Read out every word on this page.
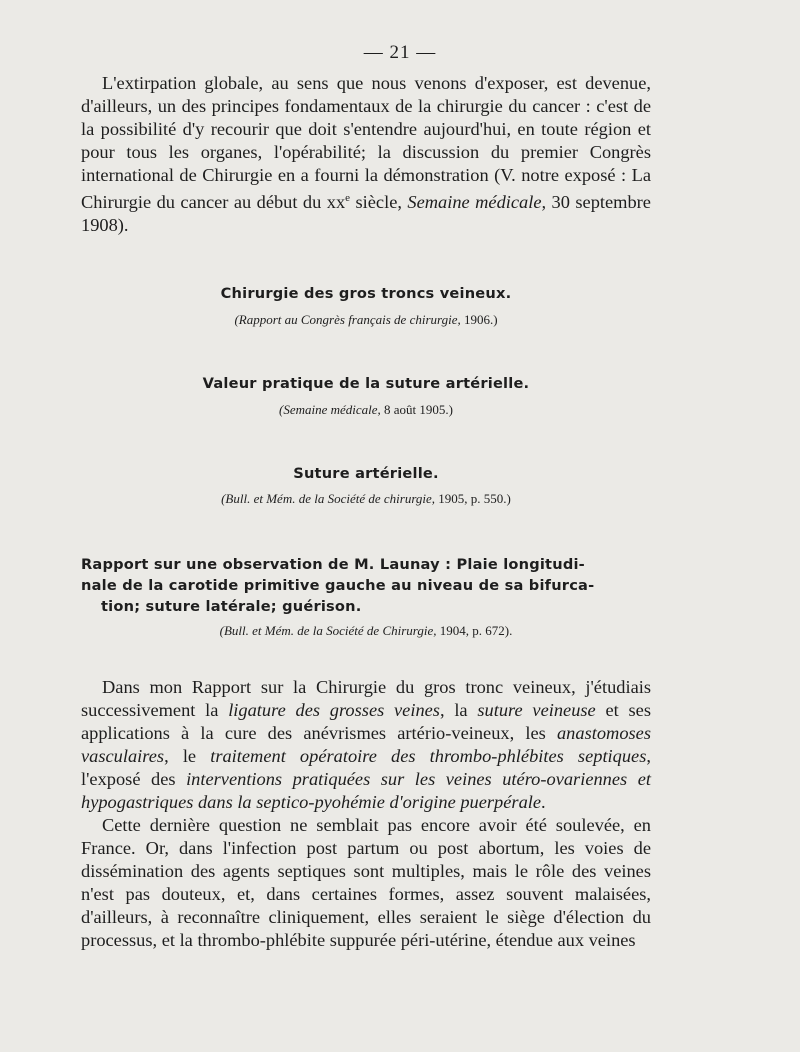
— 21 —

L'extirpation globale, au sens que nous venons d'exposer, est devenue, d'ailleurs, un des principes fondamentaux de la chirurgie du cancer : c'est de la possibilité d'y recourir que doit s'entendre aujourd'hui, en toute région et pour tous les organes, l'opérabilité; la discussion du premier Congrès international de Chirurgie en a fourni la démonstration (V. notre exposé : La Chirurgie du cancer au début du $xx^e$ siècle, Semaine médicale, 30 septembre 1908).

Chirurgie des gros troncs veineux.
(Rapport au Congrès français de chirurgie, 1906.)
Valeur pratique de la suture artérielle.
(Semaine médicale, 8 août 1905.)
Suture artérielle.
(Bull. et Mém. de la Société de chirurgie, 1905, p. 550.)
Rapport sur une observation de M. Launay : Plaie longitudi-
nale de la carotide primitive gauche au niveau de sa bifurca-
tion; suture latérale; guérison.
(Bull. et Mém. de la Société de Chirurgie, 1904, p. 672).

Dans mon Rapport sur la Chirurgie du gros tronc veineux, j'étudiais successivement la ligature des grosses veines, la suture veineuse et ses applications à la cure des anévrismes artério-veineux, les anastomoses vasculaires, le traitement opératoire des thrombo-phlébites septiques, l'exposé des interventions pratiquées sur les veines utéro-ovariennes et hypogastriques dans la septico-pyohémie d'origine puerpérale.

Cette dernière question ne semblait pas encore avoir été soulevée, en France. Or, dans l'infection post partum ou post abortum, les voies de dissémination des agents septiques sont multiples, mais le rôle des veines n'est pas douteux, et, dans certaines formes, assez souvent malaisées, d'ailleurs, à reconnaître cliniquement, elles seraient le siège d'élection du processus, et la thrombo-phlébite suppurée péri-utérine, étendue aux veines
